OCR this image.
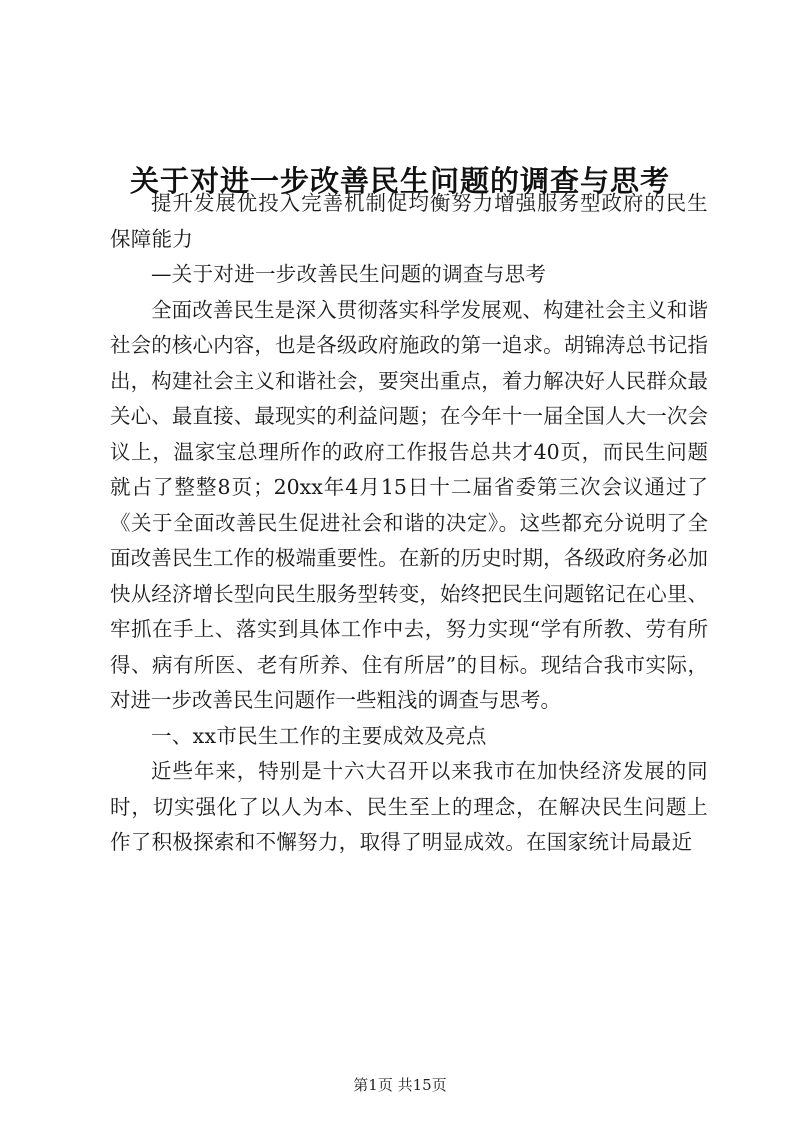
关于对进一步改善民生问题的调查与思考

提升发展优投入完善机制促均衡努力增强服务型政府的民生保障能力

—关于对进一步改善民生问题的调查与思考

全面改善民生是深入贯彻落实科学发展观、构建社会主义和谐社会的核心内容，也是各级政府施政的第一追求。胡锦涛总书记指出，构建社会主义和谐社会，要突出重点，着力解决好人民群众最关心、最直接、最现实的利益问题；在今年十一届全国人大一次会议上，温家宝总理所作的政府工作报告总共才40页，而民生问题就占了整整8页；20xx年4月15日十二届省委第三次会议通过了《关于全面改善民生促进社会和谐的决定》。这些都充分说明了全面改善民生工作的极端重要性。在新的历史时期，各级政府务必加快从经济增长型向民生服务型转变，始终把民生问题铭记在心里、牢抓在手上、落实到具体工作中去，努力实现“学有所教、劳有所得、病有所医、老有所养、住有所居”的目标。现结合我市实际，对进一步改善民生问题作一些粗浅的调查与思考。

一、xx市民生工作的主要成效及亮点

近些年来，特别是十六大召开以来我市在加快经济发展的同时，切实强化了以人为本、民生至上的理念，在解决民生问题上作了积极探索和不懈努力，取得了明显成效。在国家统计局最近

第1页 共15页
